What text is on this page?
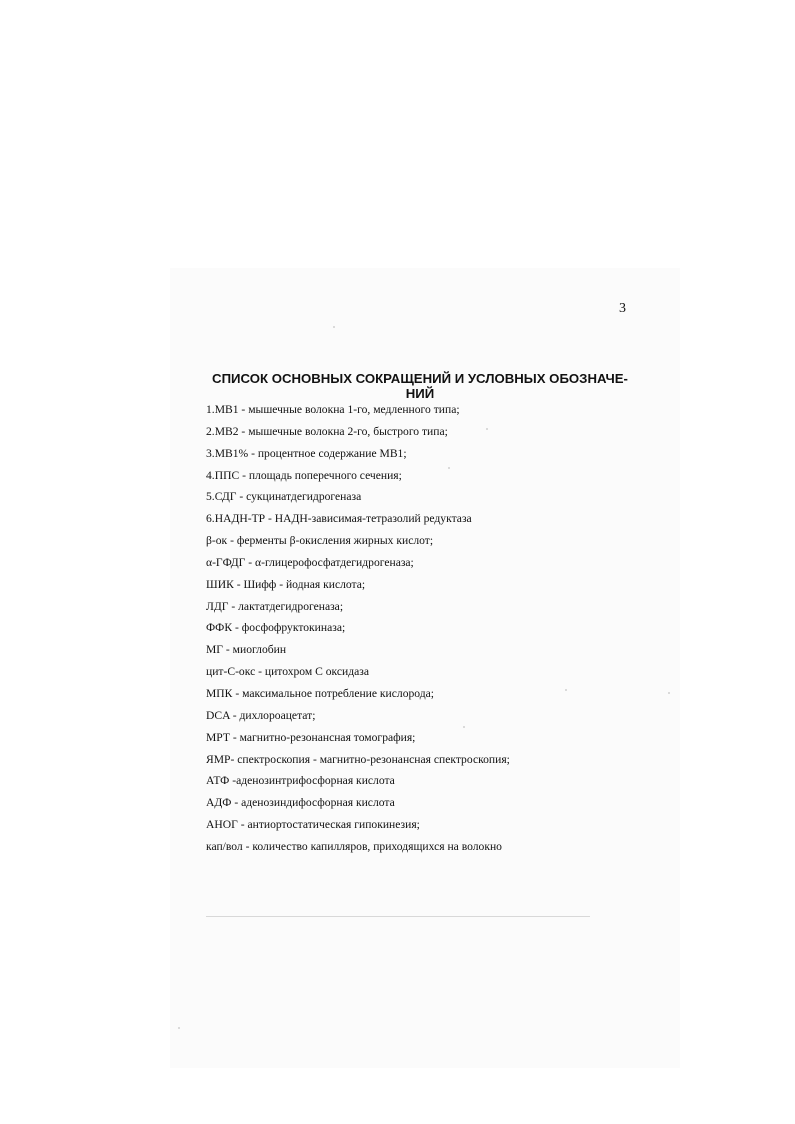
3
СПИСОК ОСНОВНЫХ СОКРАЩЕНИЙ И УСЛОВНЫХ ОБОЗНАЧЕ-
НИЙ
1.МВ1 - мышечные волокна 1-го, медленного типа;
2.МВ2 - мышечные волокна 2-го, быстрого типа;
3.МВ1% - процентное содержание МВ1;
4.ППС - площадь поперечного сечения;
5.СДГ - сукцинатдегидрогеназа
6.НАДН-ТР - НАДН-зависимая-тетразолий редуктаза
β-ок - ферменты β-окисления жирных кислот;
α-ГФДГ - α-глицерофосфатдегидрогеназа;
ШИК - Шифф - йодная кислота;
ЛДГ - лактатдегидрогеназа;
ФФК - фосфофруктокиназа;
МГ - миоглобин
цит-С-окс - цитохром С оксидаза
МПК - максимальное потребление кислорода;
DCA - дихлороацетат;
МРТ - магнитно-резонансная томография;
ЯМР- спектроскопия - магнитно-резонансная спектроскопия;
АТФ -аденозинтрифосфорная кислота
АДФ - аденозиндифосфорная кислота
АНОГ - антиортостатическая гипокинезия;
кап/вол - количество капилляров, приходящихся на волокно
